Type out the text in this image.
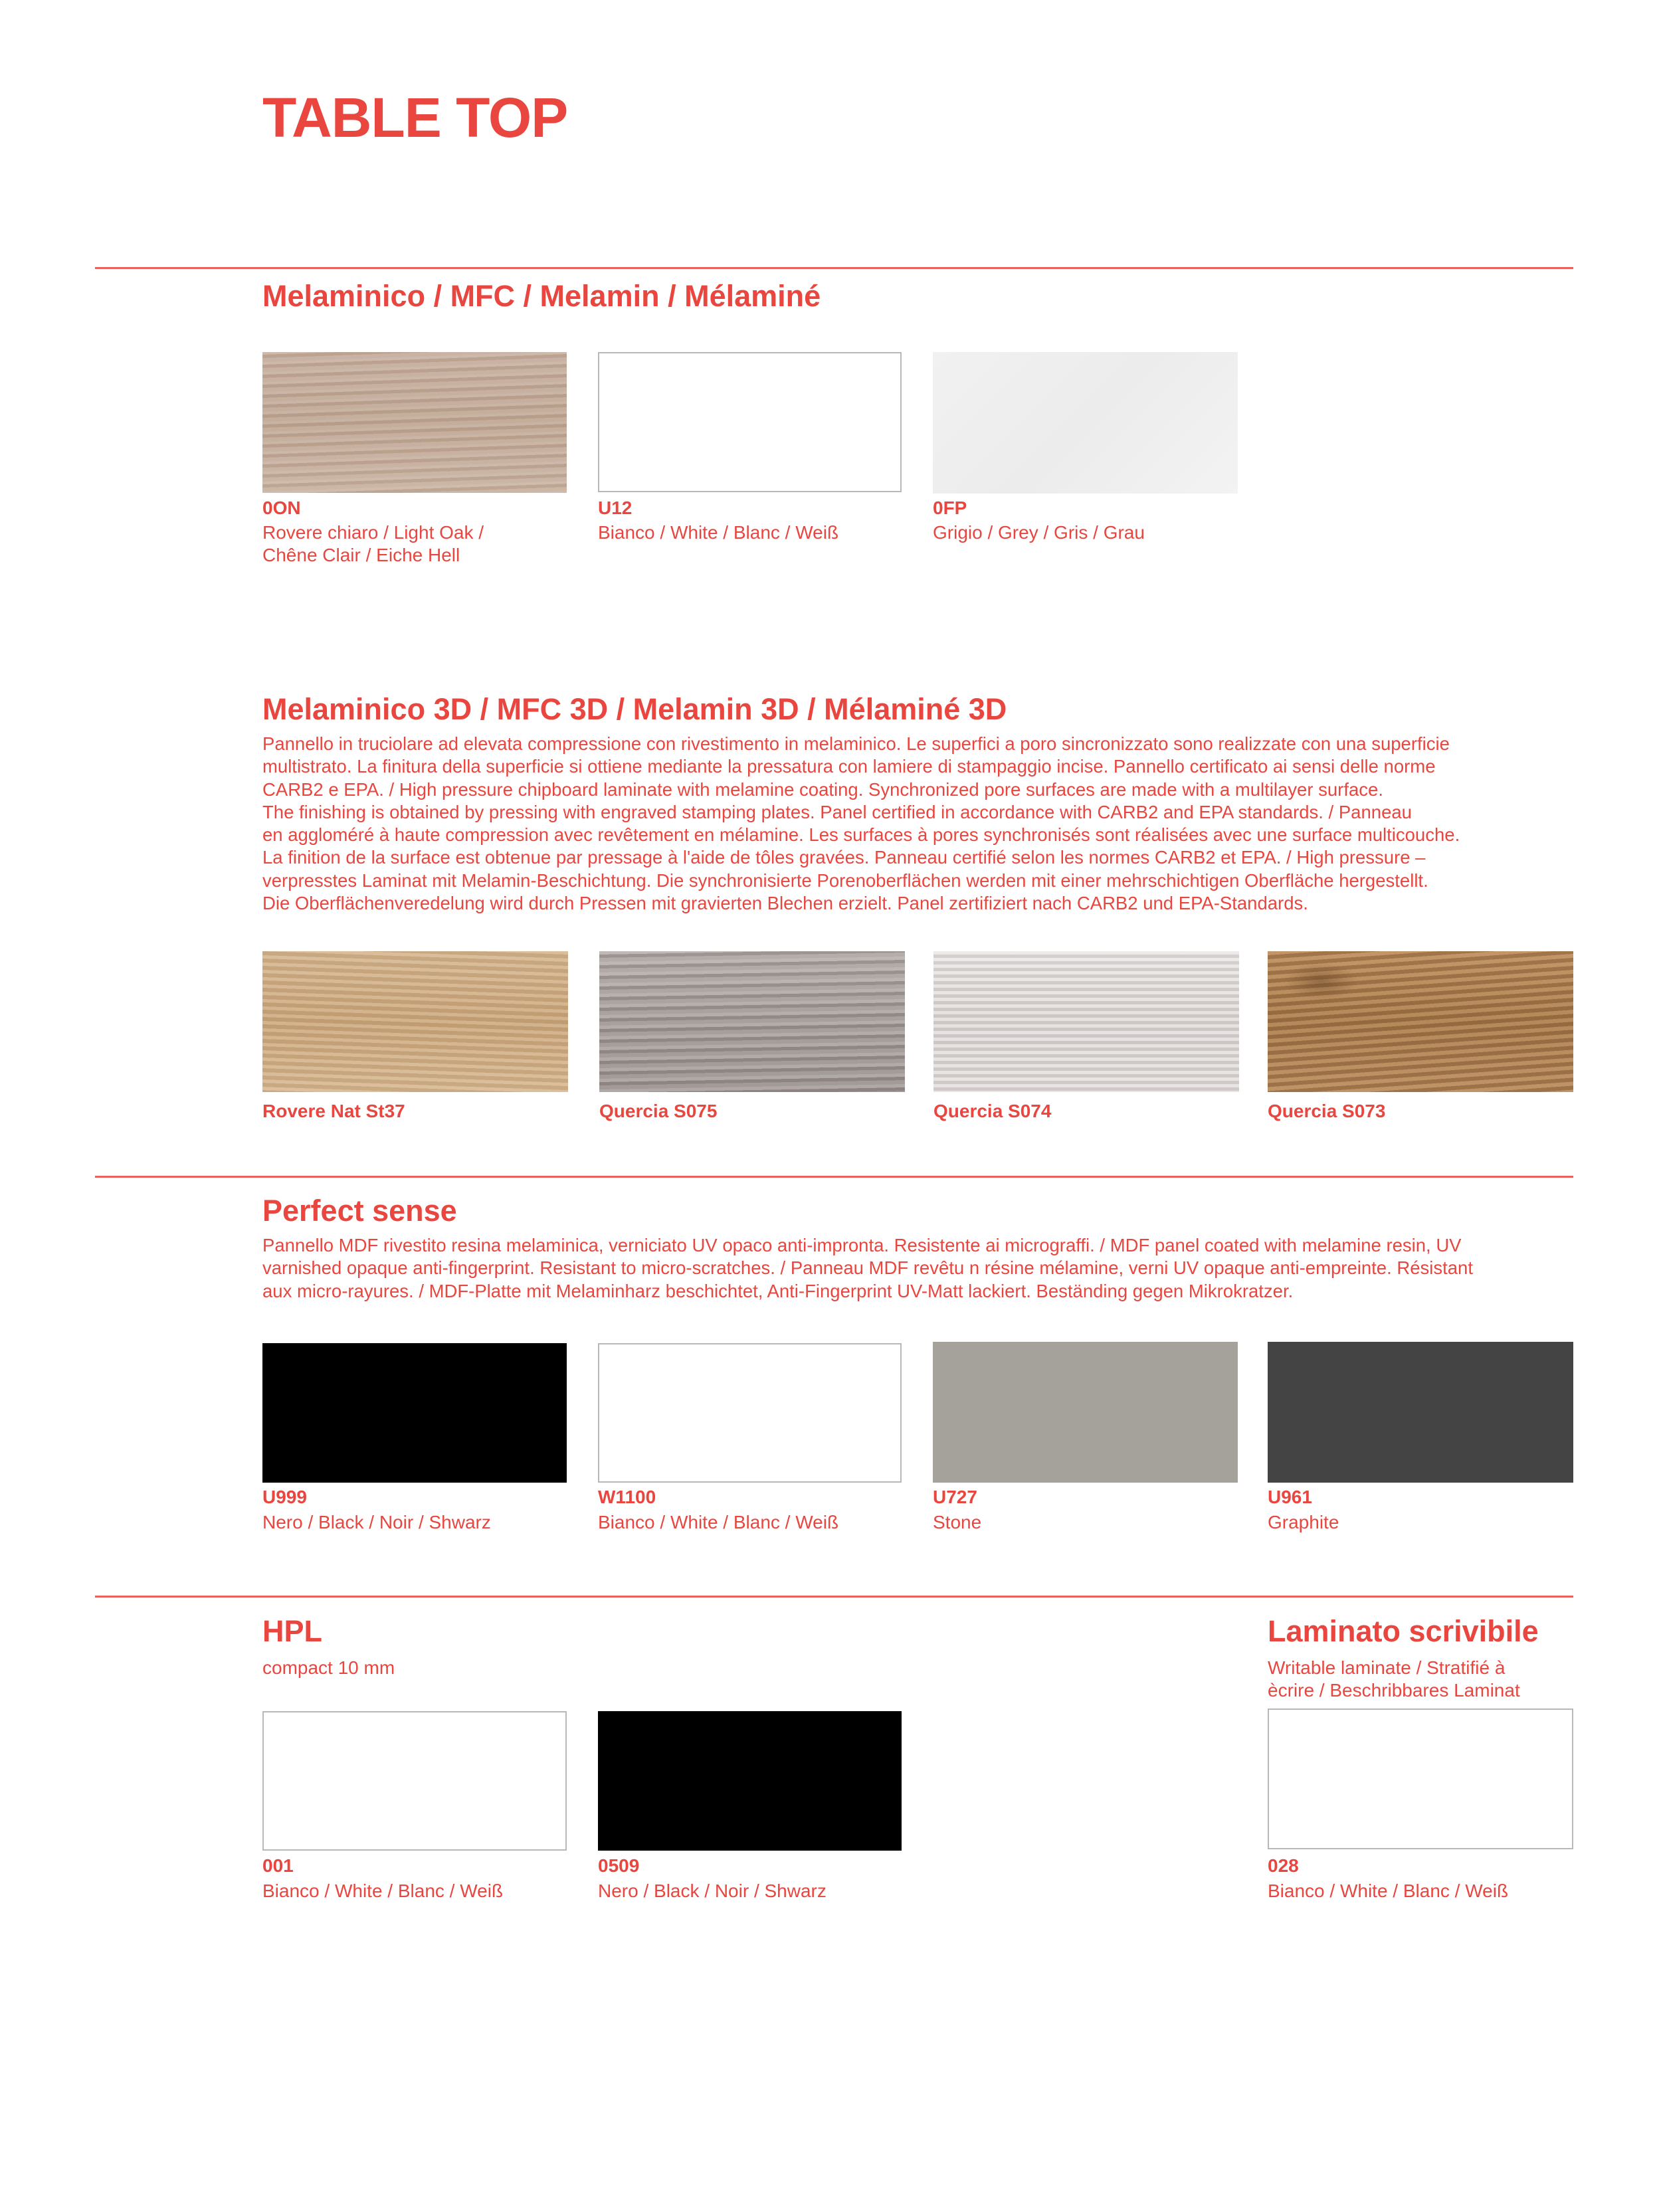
TABLE TOP
Melaminico / MFC / Melamin / Mélaminé
0ON
Rovere chiaro / Light Oak /
Chêne Clair / Eiche Hell
U12
Bianco / White / Blanc / Weiß
0FP
Grigio / Grey / Gris / Grau
Melaminico 3D / MFC 3D / Melamin 3D / Mélaminé 3D
Pannello in truciolare ad elevata compressione con rivestimento in melaminico. Le superfici a poro sincronizzato sono realizzate con una superficie
multistrato. La finitura della superficie si ottiene mediante la pressatura con lamiere di stampaggio incise. Pannello certificato ai sensi delle norme
CARB2 e EPA. / High pressure chipboard laminate with melamine coating. Synchronized pore surfaces are made with a multilayer surface.
The finishing is obtained by pressing with engraved stamping plates. Panel certified in accordance with CARB2 and EPA standards. / Panneau
en aggloméré à haute compression avec revêtement en mélamine. Les surfaces à pores synchronisés sont réalisées avec une surface multicouche.
La finition de la surface est obtenue par pressage à l'aide de tôles gravées. Panneau certifié selon les normes CARB2 et EPA. / High pressure –
verpresstes Laminat mit Melamin-Beschichtung. Die synchronisierte Porenoberflächen werden mit einer mehrschichtigen Oberfläche hergestellt.
Die Oberflächenveredelung wird durch Pressen mit gravierten Blechen erzielt. Panel zertifiziert nach CARB2 und EPA-Standards.
Rovere Nat St37	Quercia S075	Quercia S074	Quercia S073
Perfect sense
Pannello MDF rivestito resina melaminica, verniciato UV opaco anti-impronta. Resistente ai micrograffi. / MDF panel coated with melamine resin, UV
varnished opaque anti-fingerprint. Resistant to micro-scratches. / Panneau MDF revêtu n résine mélamine, verni UV opaque anti-empreinte. Résistant
aux micro-rayures. / MDF-Platte mit Melaminharz beschichtet, Anti-Fingerprint UV-Matt lackiert. Beständing gegen Mikrokratzer.
U999
Nero / Black / Noir / Shwarz
W1100
Bianco / White / Blanc / Weiß
U727
Stone
U961
Graphite
HPL
compact 10 mm
001
Bianco / White / Blanc / Weiß
0509
Nero / Black / Noir / Shwarz
Laminato scrivibile
Writable laminate / Stratifié à
ècrire / Beschribbares Laminat
028
Bianco / White / Blanc / Weiß
